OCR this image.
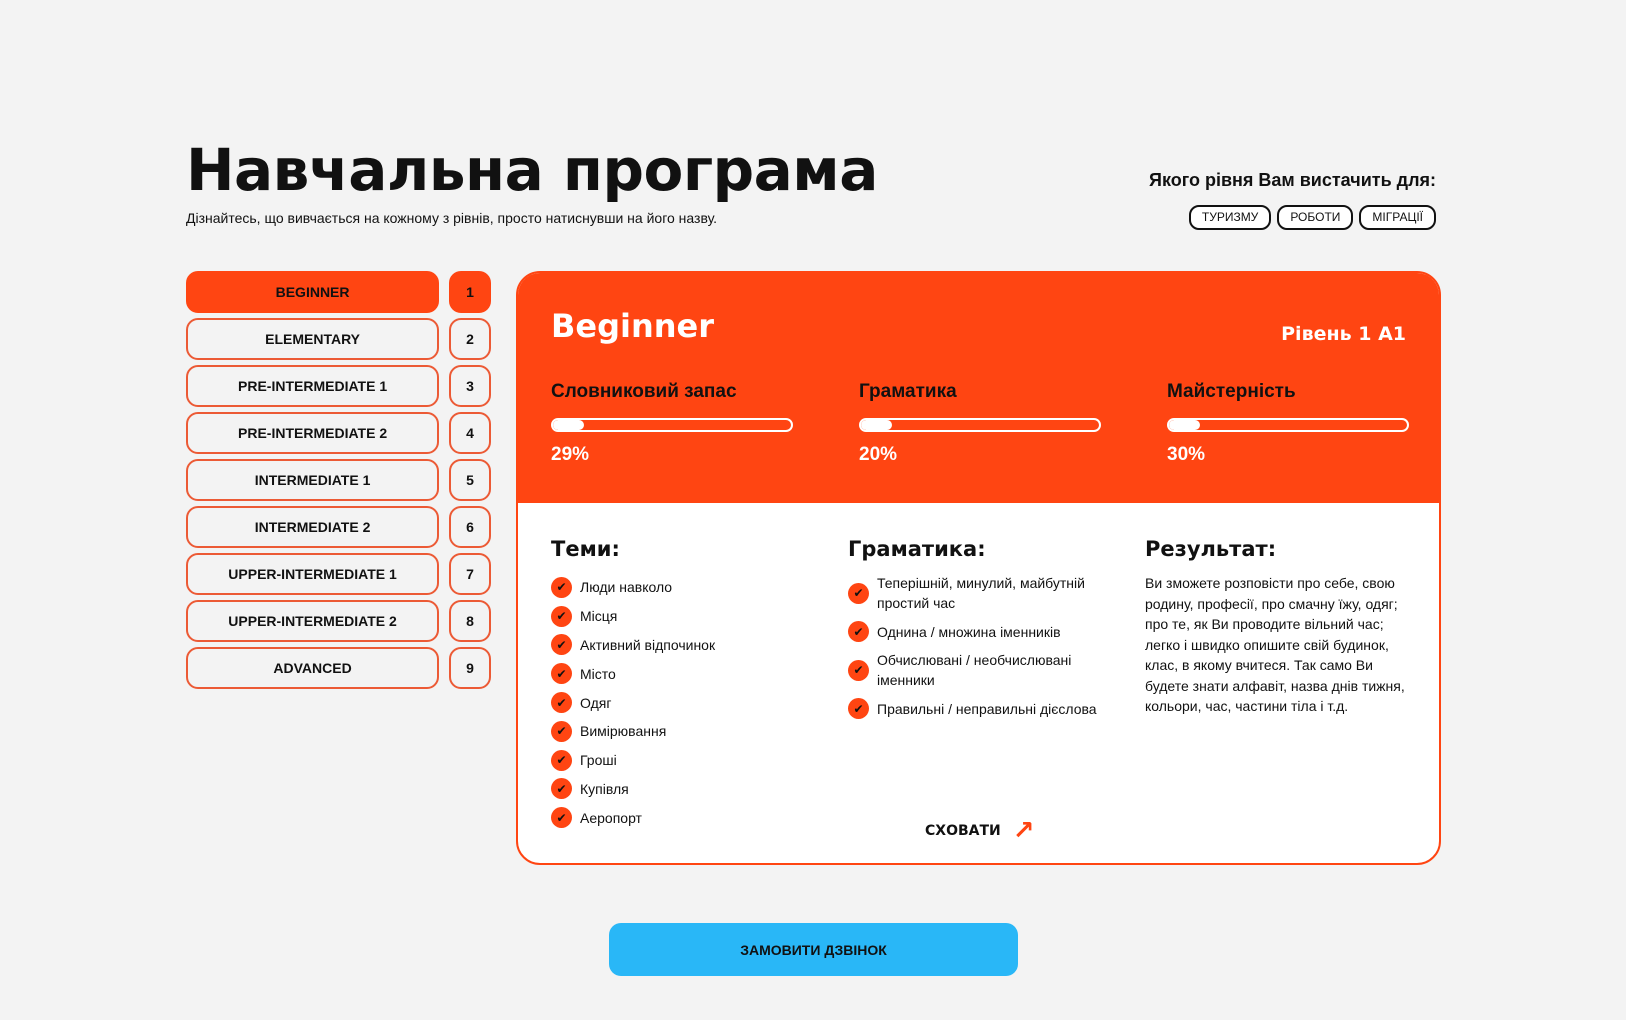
Навчальна програма

Дізнайтесь, що вивчається на кожному з рівнів, просто натиснувши на його назву.

Якого рівня Вам вистачить для:
ТУРИЗМУ	РОБОТИ	МІГРАЦІЇ
BEGINNER	1
ELEMENTARY	2
PRE-INTERMEDIATE 1	3
PRE-INTERMEDIATE 2	4
INTERMEDIATE 1	5
INTERMEDIATE 2	6
UPPER-INTERMEDIATE 1	7
UPPER-INTERMEDIATE 2	8
ADVANCED	9
Beginner	Рівень 1 А1
Словниковий запас
29%
Граматика
20%
Майстерність
30%
Теми:
✔ Люди навколо
✔ Місця
✔ Активний відпочинок
✔ Місто
✔ Одяг
✔ Вимірювання
✔ Гроші
✔ Купівля
✔ Аеропорт
Граматика:
✔
Теперішній, минулий, майбутній простий час
✔ Однина / множина іменників
✔
Обчислювані / необчислювані іменники
✔ Правильні / неправильні дієслова
Результат:

Ви зможете розповісти про себе, свою родину, професії, про смачну їжу, одяг; про те, як Ви проводите вільний час; легко і швидко опишите свій будинок, клас, в якому вчитеся. Так само Ви будете знати алфавіт, назва днів тижня, кольори, час, частини тіла і т.д.

СХОВАТИ ↗
ЗАМОВИТИ ДЗВІНОК
